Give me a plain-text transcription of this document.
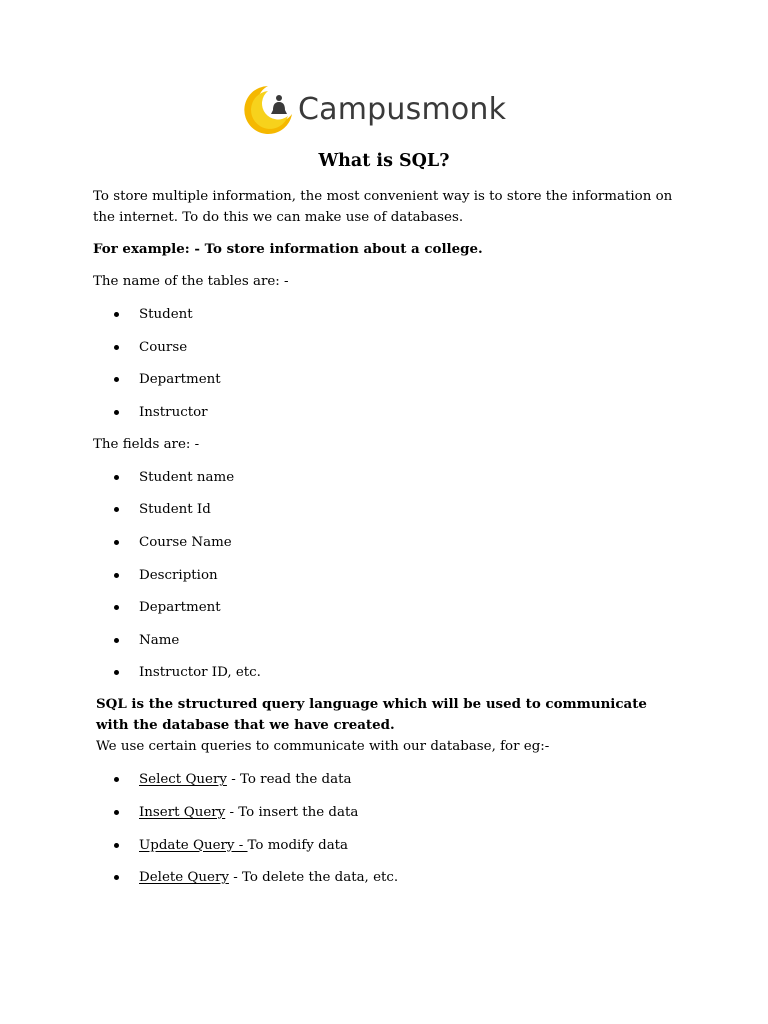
Campusmonk
What is SQL?

To store multiple information, the most convenient way is to store the information on the internet. To do this we can make use of databases.

For example: - To store information about a college.

The name of the tables are: -

Student
Course
Department
Instructor

The fields are: -

Student name
Student Id
Course Name
Description
Department
Name
Instructor ID, etc.

SQL is the structured query language which will be used to communicate with the database that we have created.

We use certain queries to communicate with our database, for eg:-

Select Query - To read the data
Insert Query - To insert the data
Update Query - To modify data
Delete Query - To delete the data, etc.
